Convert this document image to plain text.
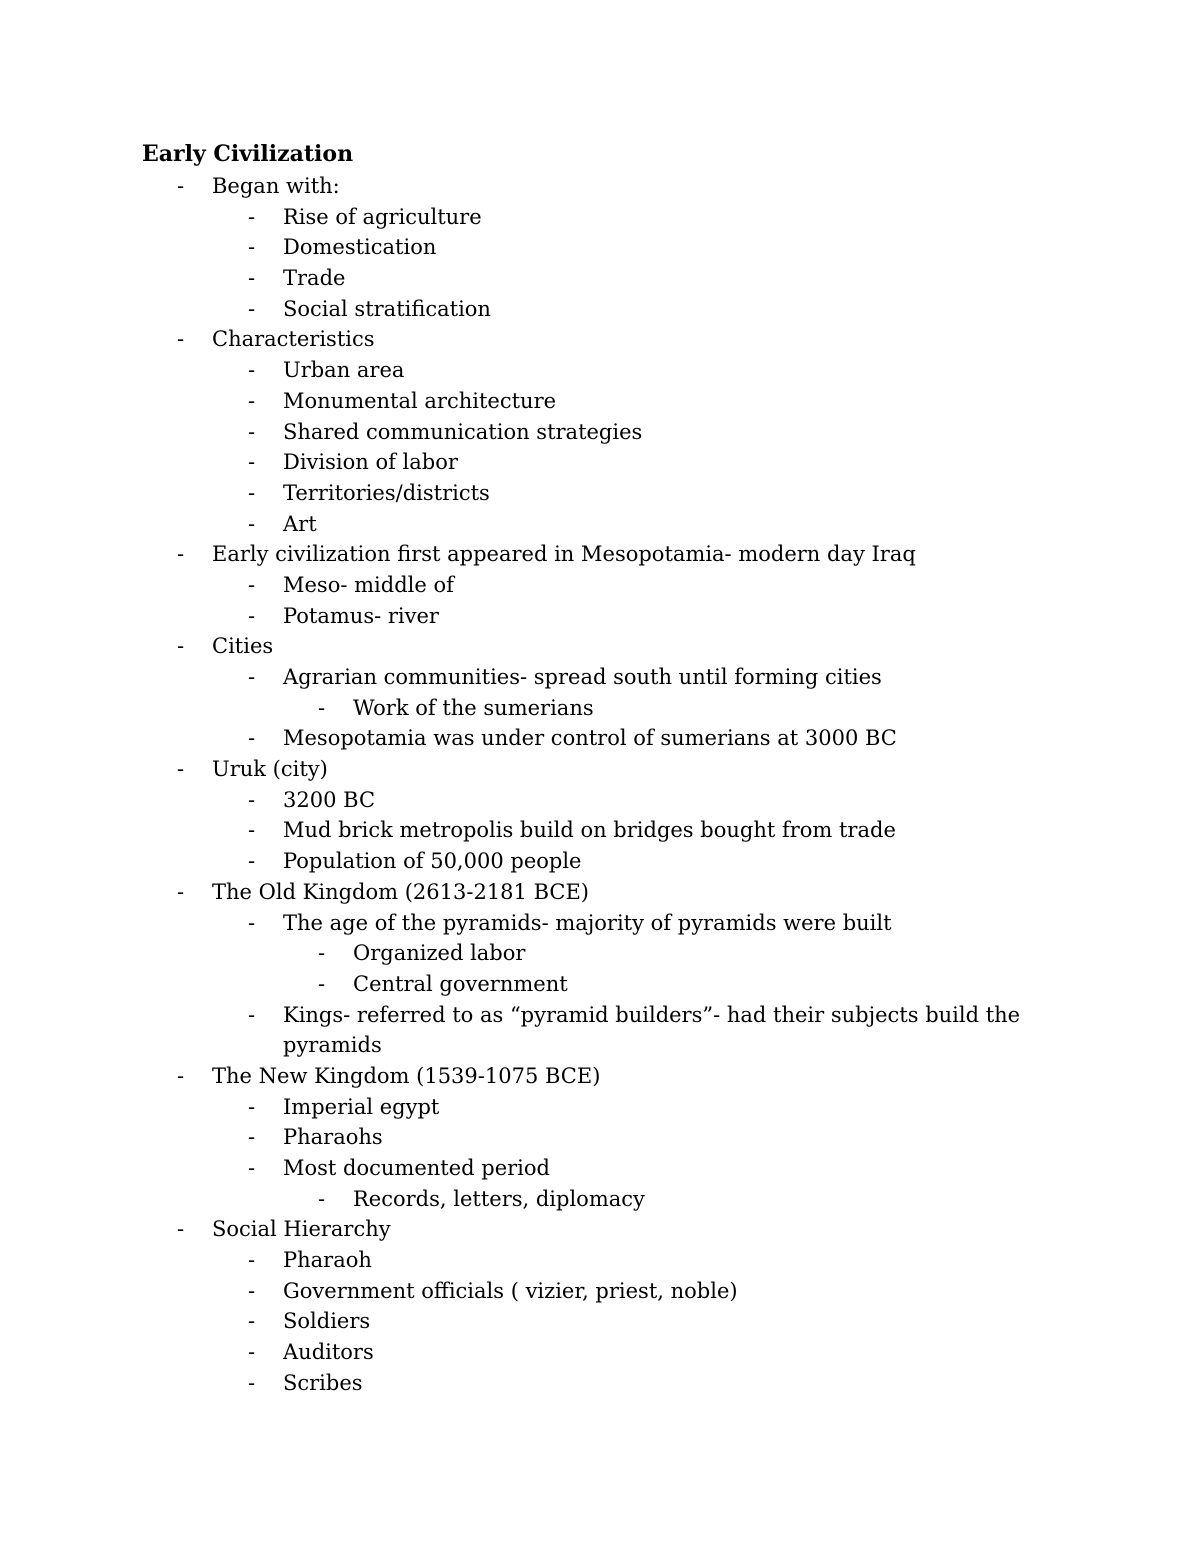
Early Civilization
- Began with:
- Rise of agriculture
- Domestication
- Trade
- Social stratification
- Characteristics
- Urban area
- Monumental architecture
- Shared communication strategies
- Division of labor
- Territories/districts
- Art
- Early civilization first appeared in Mesopotamia- modern day Iraq
- Meso- middle of
- Potamus- river
- Cities
- Agrarian communities- spread south until forming cities
- Work of the sumerians
- Mesopotamia was under control of sumerians at 3000 BC
- Uruk (city)
- 3200 BC
- Mud brick metropolis build on bridges bought from trade
- Population of 50,000 people
- The Old Kingdom (2613-2181 BCE)
- The age of the pyramids- majority of pyramids were built
- Organized labor
- Central government
- Kings- referred to as “pyramid builders”- had their subjects build the
pyramids
- The New Kingdom (1539-1075 BCE)
- Imperial egypt
- Pharaohs
- Most documented period
- Records, letters, diplomacy
- Social Hierarchy
- Pharaoh
- Government officials ( vizier, priest, noble)
- Soldiers
- Auditors
- Scribes
